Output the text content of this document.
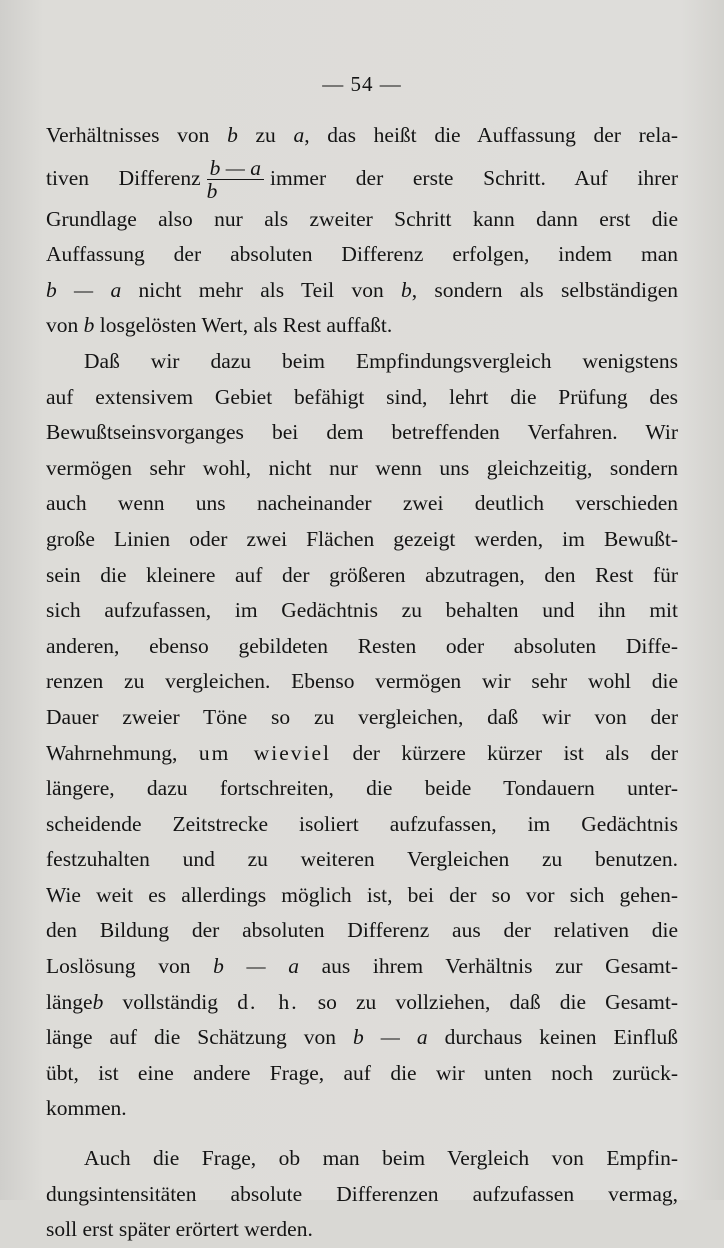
— 54 —
Verhältnisses von b zu a, das heißt die Auffassung der rela-
tiven Differenz $\frac{b — a}{b}$ immer der erste Schritt. Auf ihrer
Grundlage also nur als zweiter Schritt kann dann erst die
Auffassung der absoluten Differenz erfolgen, indem man
b — a nicht mehr als Teil von b, sondern als selbständigen
von b losgelösten Wert, als Rest auffaßt.
Daß wir dazu beim Empfindungsvergleich wenigstens
auf extensivem Gebiet befähigt sind, lehrt die Prüfung des
Bewußtseinsvorganges bei dem betreffenden Verfahren. Wir
vermögen sehr wohl, nicht nur wenn uns gleichzeitig, sondern
auch wenn uns nacheinander zwei deutlich verschieden
große Linien oder zwei Flächen gezeigt werden, im Bewußt-
sein die kleinere auf der größeren abzutragen, den Rest für
sich aufzufassen, im Gedächtnis zu behalten und ihn mit
anderen, ebenso gebildeten Resten oder absoluten Diffe-
renzen zu vergleichen. Ebenso vermögen wir sehr wohl die
Dauer zweier Töne so zu vergleichen, daß wir von der
Wahrnehmung, um wieviel der kürzere kürzer ist als der
längere, dazu fortschreiten, die beide Tondauern unter-
scheidende Zeitstrecke isoliert aufzufassen, im Gedächtnis
festzuhalten und zu weiteren Vergleichen zu benutzen.
Wie weit es allerdings möglich ist, bei der so vor sich gehen-
den Bildung der absoluten Differenz aus der relativen die
Loslösung von b — a aus ihrem Verhältnis zur Gesamt-
längeb vollständig d. h. so zu vollziehen, daß die Gesamt-
länge auf die Schätzung von b — a durchaus keinen Einfluß
übt, ist eine andere Frage, auf die wir unten noch zurück-
kommen.
Auch die Frage, ob man beim Vergleich von Empfin-
dungsintensitäten absolute Differenzen aufzufassen vermag,
soll erst später erörtert werden.
